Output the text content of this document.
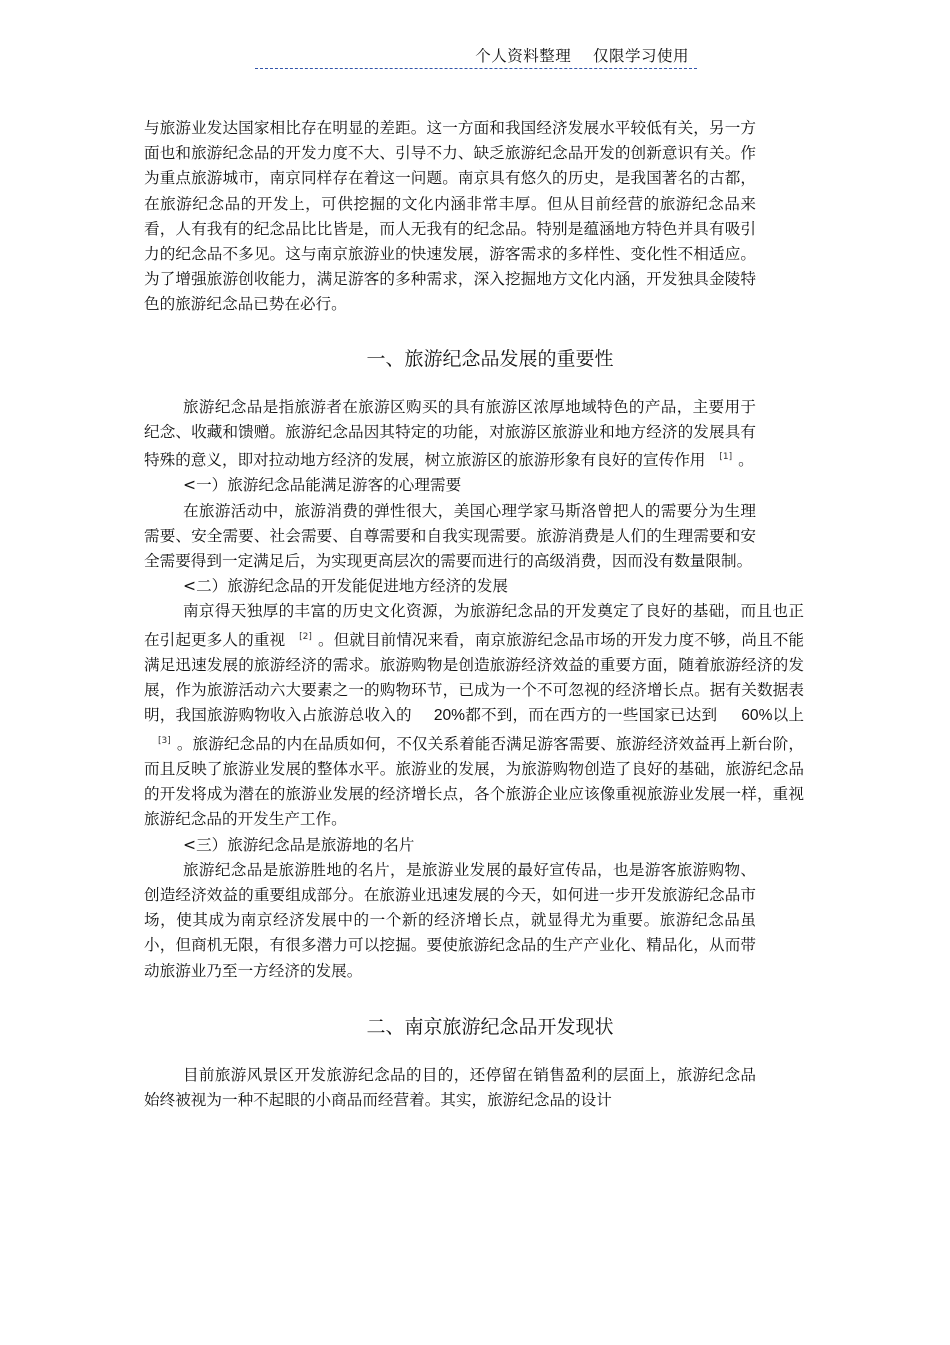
个人资料整理    仅限学习使用

与旅游业发达国家相比存在明显的差距。这一方面和我国经济发展水平较低有关，另一方面也和旅游纪念品的开发力度不大、引导不力、缺乏旅游纪念品开发的创新意识有关。作为重点旅游城市，南京同样存在着这一问题。南京具有悠久的历史，是我国著名的古都，在旅游纪念品的开发上，可供挖掘的文化内涵非常丰厚。但从目前经营的旅游纪念品来看，人有我有的纪念品比比皆是，而人无我有的纪念品。特别是蕴涵地方特色并具有吸引力的纪念品不多见。这与南京旅游业的快速发展，游客需求的多样性、变化性不相适应。为了增强旅游创收能力，满足游客的多种需求，深入挖掘地方文化内涵，开发独具金陵特色的旅游纪念品已势在必行。

一、旅游纪念品发展的重要性

旅游纪念品是指旅游者在旅游区购买的具有旅游区浓厚地域特色的产品，主要用于纪念、收藏和馈赠。旅游纪念品因其特定的功能，对旅游区旅游业和地方经济的发展具有特殊的意义，即对拉动地方经济的发展，树立旅游区的旅游形象有良好的宣传作用 [1] 。

<一）旅游纪念品能满足游客的心理需要

在旅游活动中，旅游消费的弹性很大，美国心理学家马斯洛曾把人的需要分为生理需要、安全需要、社会需要、自尊需要和自我实现需要。旅游消费是人们的生理需要和安全需要得到一定满足后，为实现更高层次的需要而进行的高级消费，因而没有数量限制。

<二）旅游纪念品的开发能促进地方经济的发展

南京得天独厚的丰富的历史文化资源，为旅游纪念品的开发奠定了良好的基础，而且也正在引起更多人的重视 [2] 。但就目前情况来看，南京旅游纪念品市场的开发力度不够，尚且不能满足迅速发展的旅游经济的需求。旅游购物是创造旅游经济效益的重要方面，随着旅游经济的发展，作为旅游活动六大要素之一的购物环节，已成为一个不可忽视的经济增长点。据有关数据表明，我国旅游购物收入占旅游总收入的 20%都不到，而在西方的一些国家已达到 60%以上[3] 。旅游纪念品的内在品质如何，不仅关系着能否满足游客需要、旅游经济效益再上新台阶，而且反映了旅游业发展的整体水平。旅游业的发展，为旅游购物创造了良好的基础，旅游纪念品的开发将成为潜在的旅游业发展的经济增长点，各个旅游企业应该像重视旅游业发展一样，重视旅游纪念品的开发生产工作。

<三）旅游纪念品是旅游地的名片

旅游纪念品是旅游胜地的名片，是旅游业发展的最好宣传品，也是游客旅游购物、创造经济效益的重要组成部分。在旅游业迅速发展的今天，如何进一步开发旅游纪念品市场，使其成为南京经济发展中的一个新的经济增长点，就显得尤为重要。旅游纪念品虽小，但商机无限，有很多潜力可以挖掘。要使旅游纪念品的生产产业化、精品化，从而带动旅游业乃至一方经济的发展。

二、南京旅游纪念品开发现状

目前旅游风景区开发旅游纪念品的目的，还停留在销售盈利的层面上，旅游纪念品始终被视为一种不起眼的小商品而经营着。其实，旅游纪念品的设计
